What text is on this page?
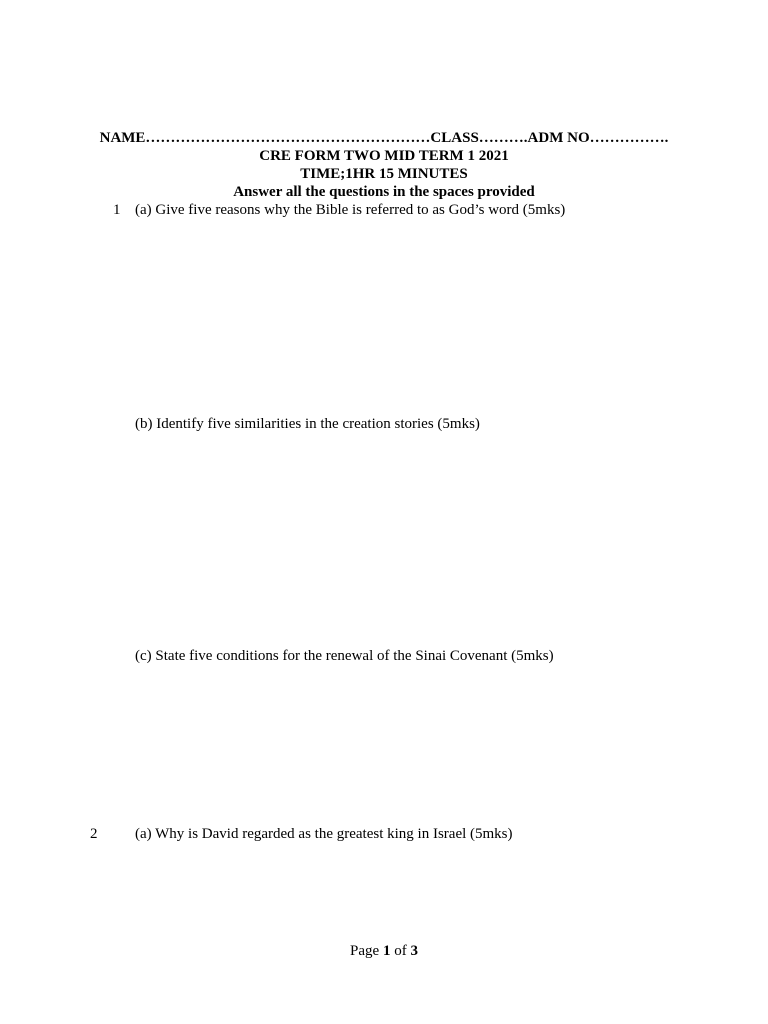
NAME…………………………………………………CLASS……….ADM NO…………….
CRE FORM TWO MID TERM 1 2021
TIME;1HR 15 MINUTES
Answer all the questions in the spaces provided
1 (a) Give five reasons why the Bible is referred to as God’s word (5mks)
(b) Identify five similarities in the creation stories (5mks)
(c) State five conditions for the renewal of the Sinai Covenant (5mks)
2	(a) Why is David regarded as the greatest king in Israel (5mks)
Page 1 of 3
